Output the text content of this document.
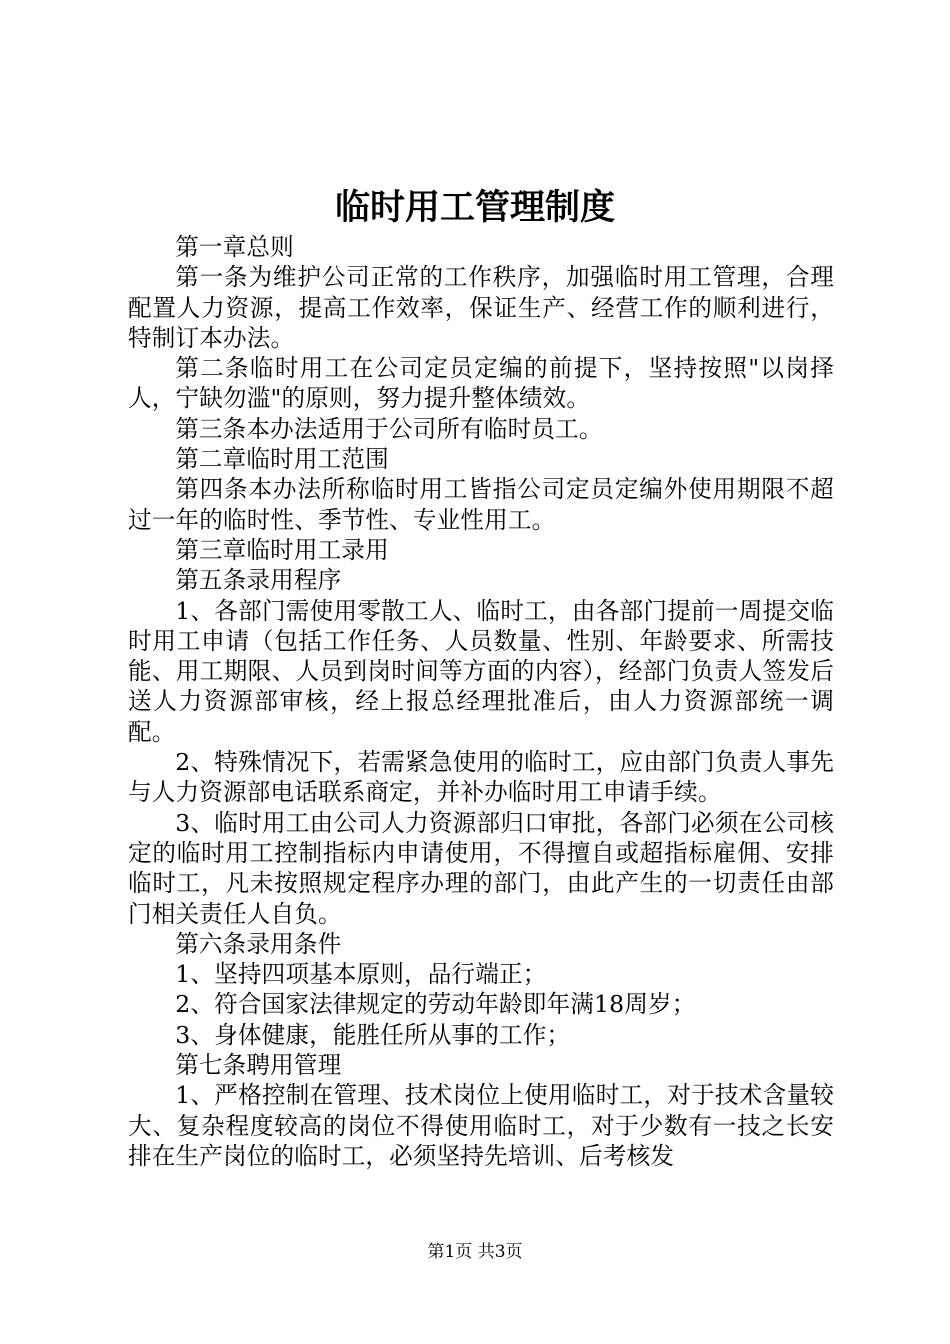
临时用工管理制度

第一章总则

第一条为维护公司正常的工作秩序，加强临时用工管理，合理配置人力资源，提高工作效率，保证生产、经营工作的顺利进行，特制订本办法。

第二条临时用工在公司定员定编的前提下，坚持按照"以岗择人，宁缺勿滥"的原则，努力提升整体绩效。

第三条本办法适用于公司所有临时员工。

第二章临时用工范围

第四条本办法所称临时用工皆指公司定员定编外使用期限不超过一年的临时性、季节性、专业性用工。

第三章临时用工录用

第五条录用程序

1、各部门需使用零散工人、临时工，由各部门提前一周提交临时用工申请（包括工作任务、人员数量、性别、年龄要求、所需技能、用工期限、人员到岗时间等方面的内容），经部门负责人签发后送人力资源部审核，经上报总经理批准后，由人力资源部统一调配。

2、特殊情况下，若需紧急使用的临时工，应由部门负责人事先与人力资源部电话联系商定，并补办临时用工申请手续。

3、临时用工由公司人力资源部归口审批，各部门必须在公司核定的临时用工控制指标内申请使用，不得擅自或超指标雇佣、安排临时工，凡未按照规定程序办理的部门，由此产生的一切责任由部门相关责任人自负。

第六条录用条件

1、坚持四项基本原则，品行端正；

2、符合国家法律规定的劳动年龄即年满18周岁；

3、身体健康，能胜任所从事的工作；

第七条聘用管理

1、严格控制在管理、技术岗位上使用临时工，对于技术含量较大、复杂程度较高的岗位不得使用临时工，对于少数有一技之长安排在生产岗位的临时工，必须坚持先培训、后考核发

第1页 共3页
